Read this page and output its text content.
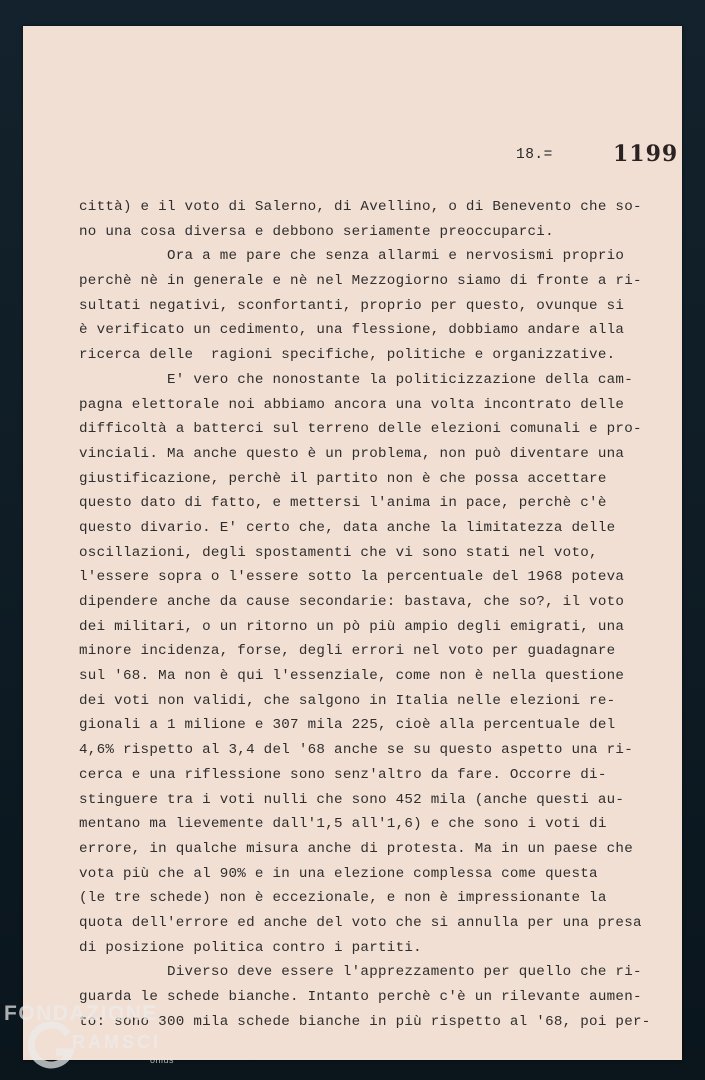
18.=	1199
città) e il voto di Salerno, di Avellino, o di Benevento che so-
no una cosa diversa e debbono seriamente preoccuparci.
Ora a me pare che senza allarmi e nervosismi proprio
perchè nè in generale e nè nel Mezzogiorno siamo di fronte a ri-
sultati negativi, sconfortanti, proprio per questo, ovunque si
è verificato un cedimento, una flessione, dobbiamo andare alla
ricerca delle  ragioni specifiche, politiche e organizzative.
E' vero che nonostante la politicizzazione della cam-
pagna elettorale noi abbiamo ancora una volta incontrato delle
difficoltà a batterci sul terreno delle elezioni comunali e pro-
vinciali. Ma anche questo è un problema, non può diventare una
giustificazione, perchè il partito non è che possa accettare
questo dato di fatto, e mettersi l'anima in pace, perchè c'è
questo divario. E' certo che, data anche la limitatezza delle
oscillazioni, degli spostamenti che vi sono stati nel voto,
l'essere sopra o l'essere sotto la percentuale del 1968 poteva
dipendere anche da cause secondarie: bastava, che so?, il voto
dei militari, o un ritorno un pò più ampio degli emigrati, una
minore incidenza, forse, degli errori nel voto per guadagnare
sul '68. Ma non è qui l'essenziale, come non è nella questione
dei voti non validi, che salgono in Italia nelle elezioni re-
gionali a 1 milione e 307 mila 225, cioè alla percentuale del
4,6% rispetto al 3,4 del '68 anche se su questo aspetto una ri-
cerca e una riflessione sono senz'altro da fare. Occorre di-
stinguere tra i voti nulli che sono 452 mila (anche questi au-
mentano ma lievemente dall'1,5 all'1,6) e che sono i voti di
errore, in qualche misura anche di protesta. Ma in un paese che
vota più che al 90% e in una elezione complessa come questa
(le tre schede) non è eccezionale, e non è impressionante la
quota dell'errore ed anche del voto che si annulla per una presa
di posizione politica contro i partiti.
Diverso deve essere l'apprezzamento per quello che ri-
guarda le schede bianche. Intanto perchè c'è un rilevante aumen-
to: sono 300 mila schede bianche in più rispetto al '68, poi per-
FONDAZIONE
RAMSCI
onlus
